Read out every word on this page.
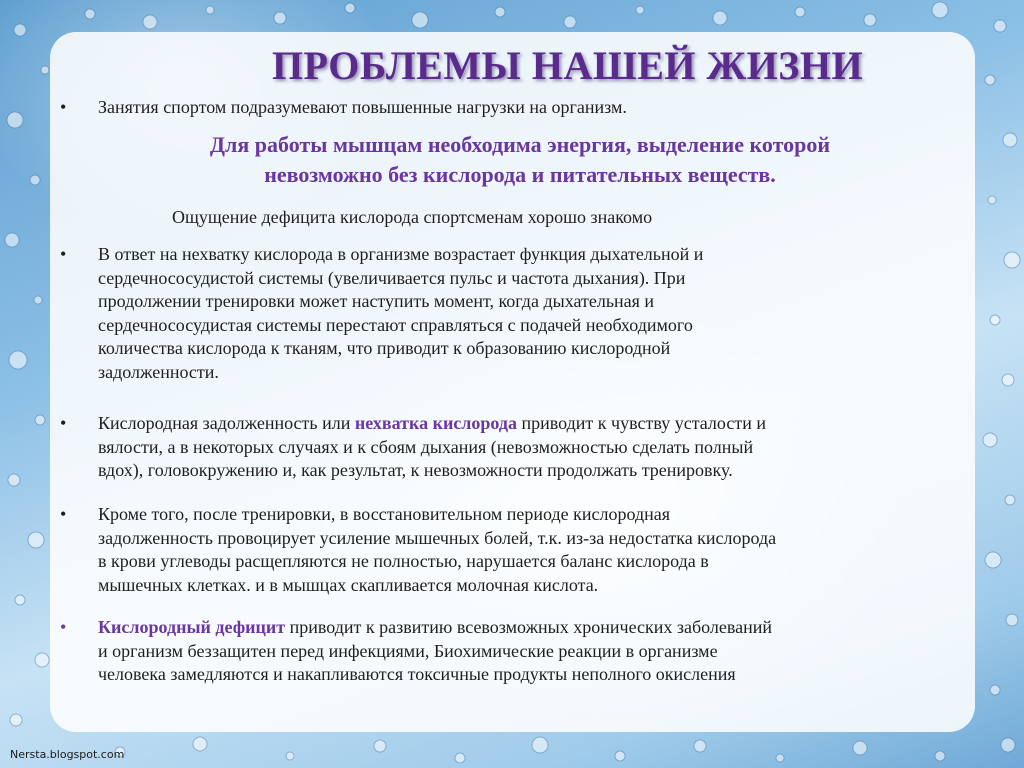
ПРОБЛЕМЫ НАШЕЙ ЖИЗНИ
• Занятия спортом подразумевают повышенные нагрузки на организм.
Для работы мышцам необходима энергия, выделение которой
невозможно без кислорода и питательных веществ.
Ощущение дефицита кислорода спортсменам хорошо знакомо
• В ответ на нехватку кислорода в организме возрастает функция дыхательной и
сердечнососудистой системы (увеличивается пульс и частота дыхания). При
продолжении тренировки может наступить момент, когда дыхательная и
сердечнососудистая системы перестают справляться с подачей необходимого
количества кислорода к тканям, что приводит к образованию кислородной
задолженности.
• Кислородная задолженность или нехватка кислорода приводит к чувству усталости и
вялости, а в некоторых случаях и к сбоям дыхания (невозможностью сделать полный
вдох), головокружению и, как результат, к невозможности продолжать тренировку.
• Кроме того, после тренировки, в восстановительном периоде кислородная
задолженность провоцирует усиление мышечных болей, т.к. из-за недостатка кислорода
в крови углеводы расщепляются не полностью, нарушается баланс кислорода в
мышечных клетках. и в мышцах скапливается молочная кислота.
• Кислородный дефицит приводит к развитию всевозможных хронических заболеваний
и организм беззащитен перед инфекциями, Биохимические реакции в организме
человека замедляются и накапливаются токсичные продукты неполного окисления
Nersta.blogspot.com
